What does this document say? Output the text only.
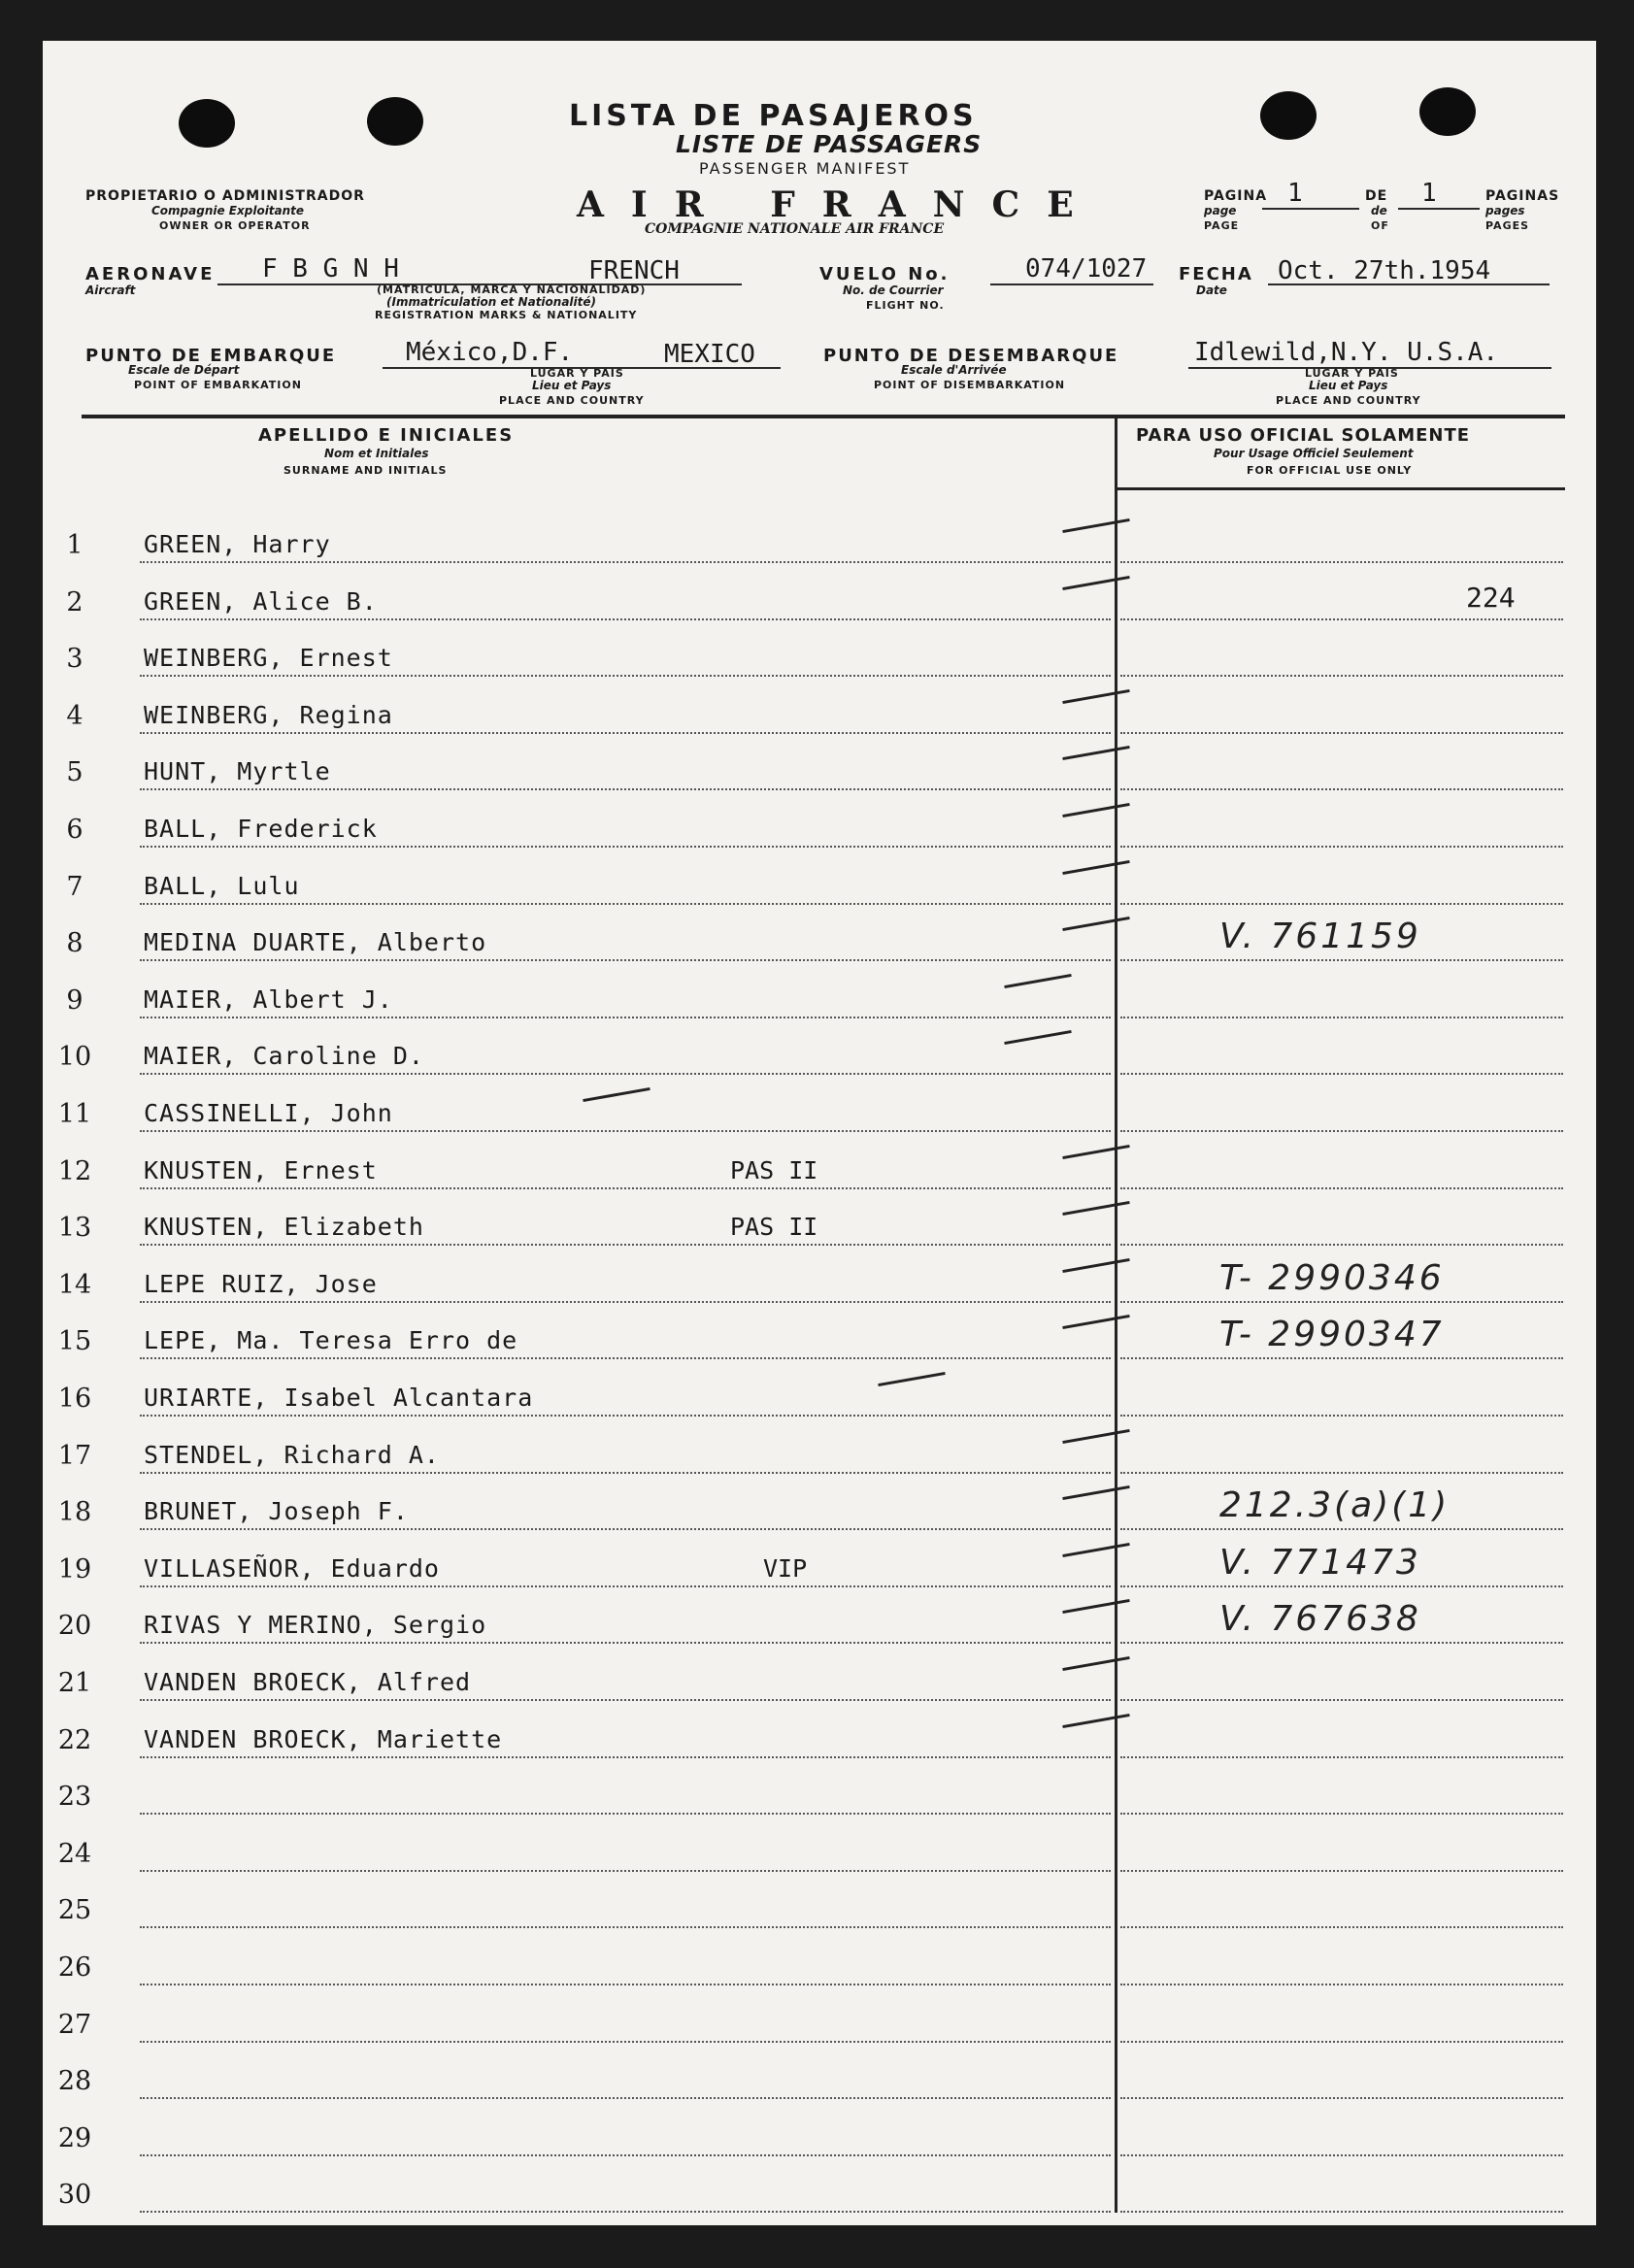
LISTA DE PASAJEROS
LISTE DE PASSAGERS
PASSENGER MANIFEST
AIR FRANCE
COMPAGNIE NATIONALE AIR FRANCE
PROPIETARIO O ADMINISTRADOR
Compagnie Exploitante
OWNER OR OPERATOR
PAGINA
page
PAGE
1	DE
de
OF
1	PAGINAS
pages
PAGES
AERONAVE
Aircraft
F B G N H	FRENCH
(MATRICULA, MARCA Y NACIONALIDAD)
(Immatriculation et Nationalité)
REGISTRATION MARKS & NATIONALITY
VUELO No.
No. de Courrier
FLIGHT NO.
074/1027 FECHA
Date
Oct. 27th.1954
PUNTO DE EMBARQUE
Escale de Départ
POINT OF EMBARKATION
México,D.F.	MEXICO
LUGAR Y PAIS
Lieu et Pays
PLACE AND COUNTRY
PUNTO DE DESEMBARQUE
Escale d'Arrivée
POINT OF DISEMBARKATION
Idlewild,N.Y. U.S.A.
LUGAR Y PAIS
Lieu et Pays
PLACE AND COUNTRY
APELLIDO E INICIALES
Nom et Initiales
SURNAME AND INITIALS
PARA USO OFICIAL SOLAMENTE
Pour Usage Officiel Seulement
FOR OFFICIAL USE ONLY
1	GREEN, Harry
2	GREEN, Alice B.	224
3	WEINBERG, Ernest
4	WEINBERG, Regina
5	HUNT, Myrtle
6	BALL, Frederick
7	BALL, Lulu
8	MEDINA DUARTE, Alberto	V. 761159
9	MAIER, Albert J.
10	MAIER, Caroline D.
11	CASSINELLI, John
12	KNUSTEN, Ernest	PAS II
13	KNUSTEN, Elizabeth	PAS II
14	LEPE RUIZ, Jose	T- 2990346
15	LEPE, Ma. Teresa Erro de	T- 2990347
16	URIARTE, Isabel Alcantara
17	STENDEL, Richard A.
18	BRUNET, Joseph F.	212.3(a)(1)
19	VILLASEÑOR, Eduardo	VIP	V. 771473
20	RIVAS Y MERINO, Sergio	V. 767638
21	VANDEN BROECK, Alfred
22	VANDEN BROECK, Mariette
23
24
25
26
27
28
29
30
